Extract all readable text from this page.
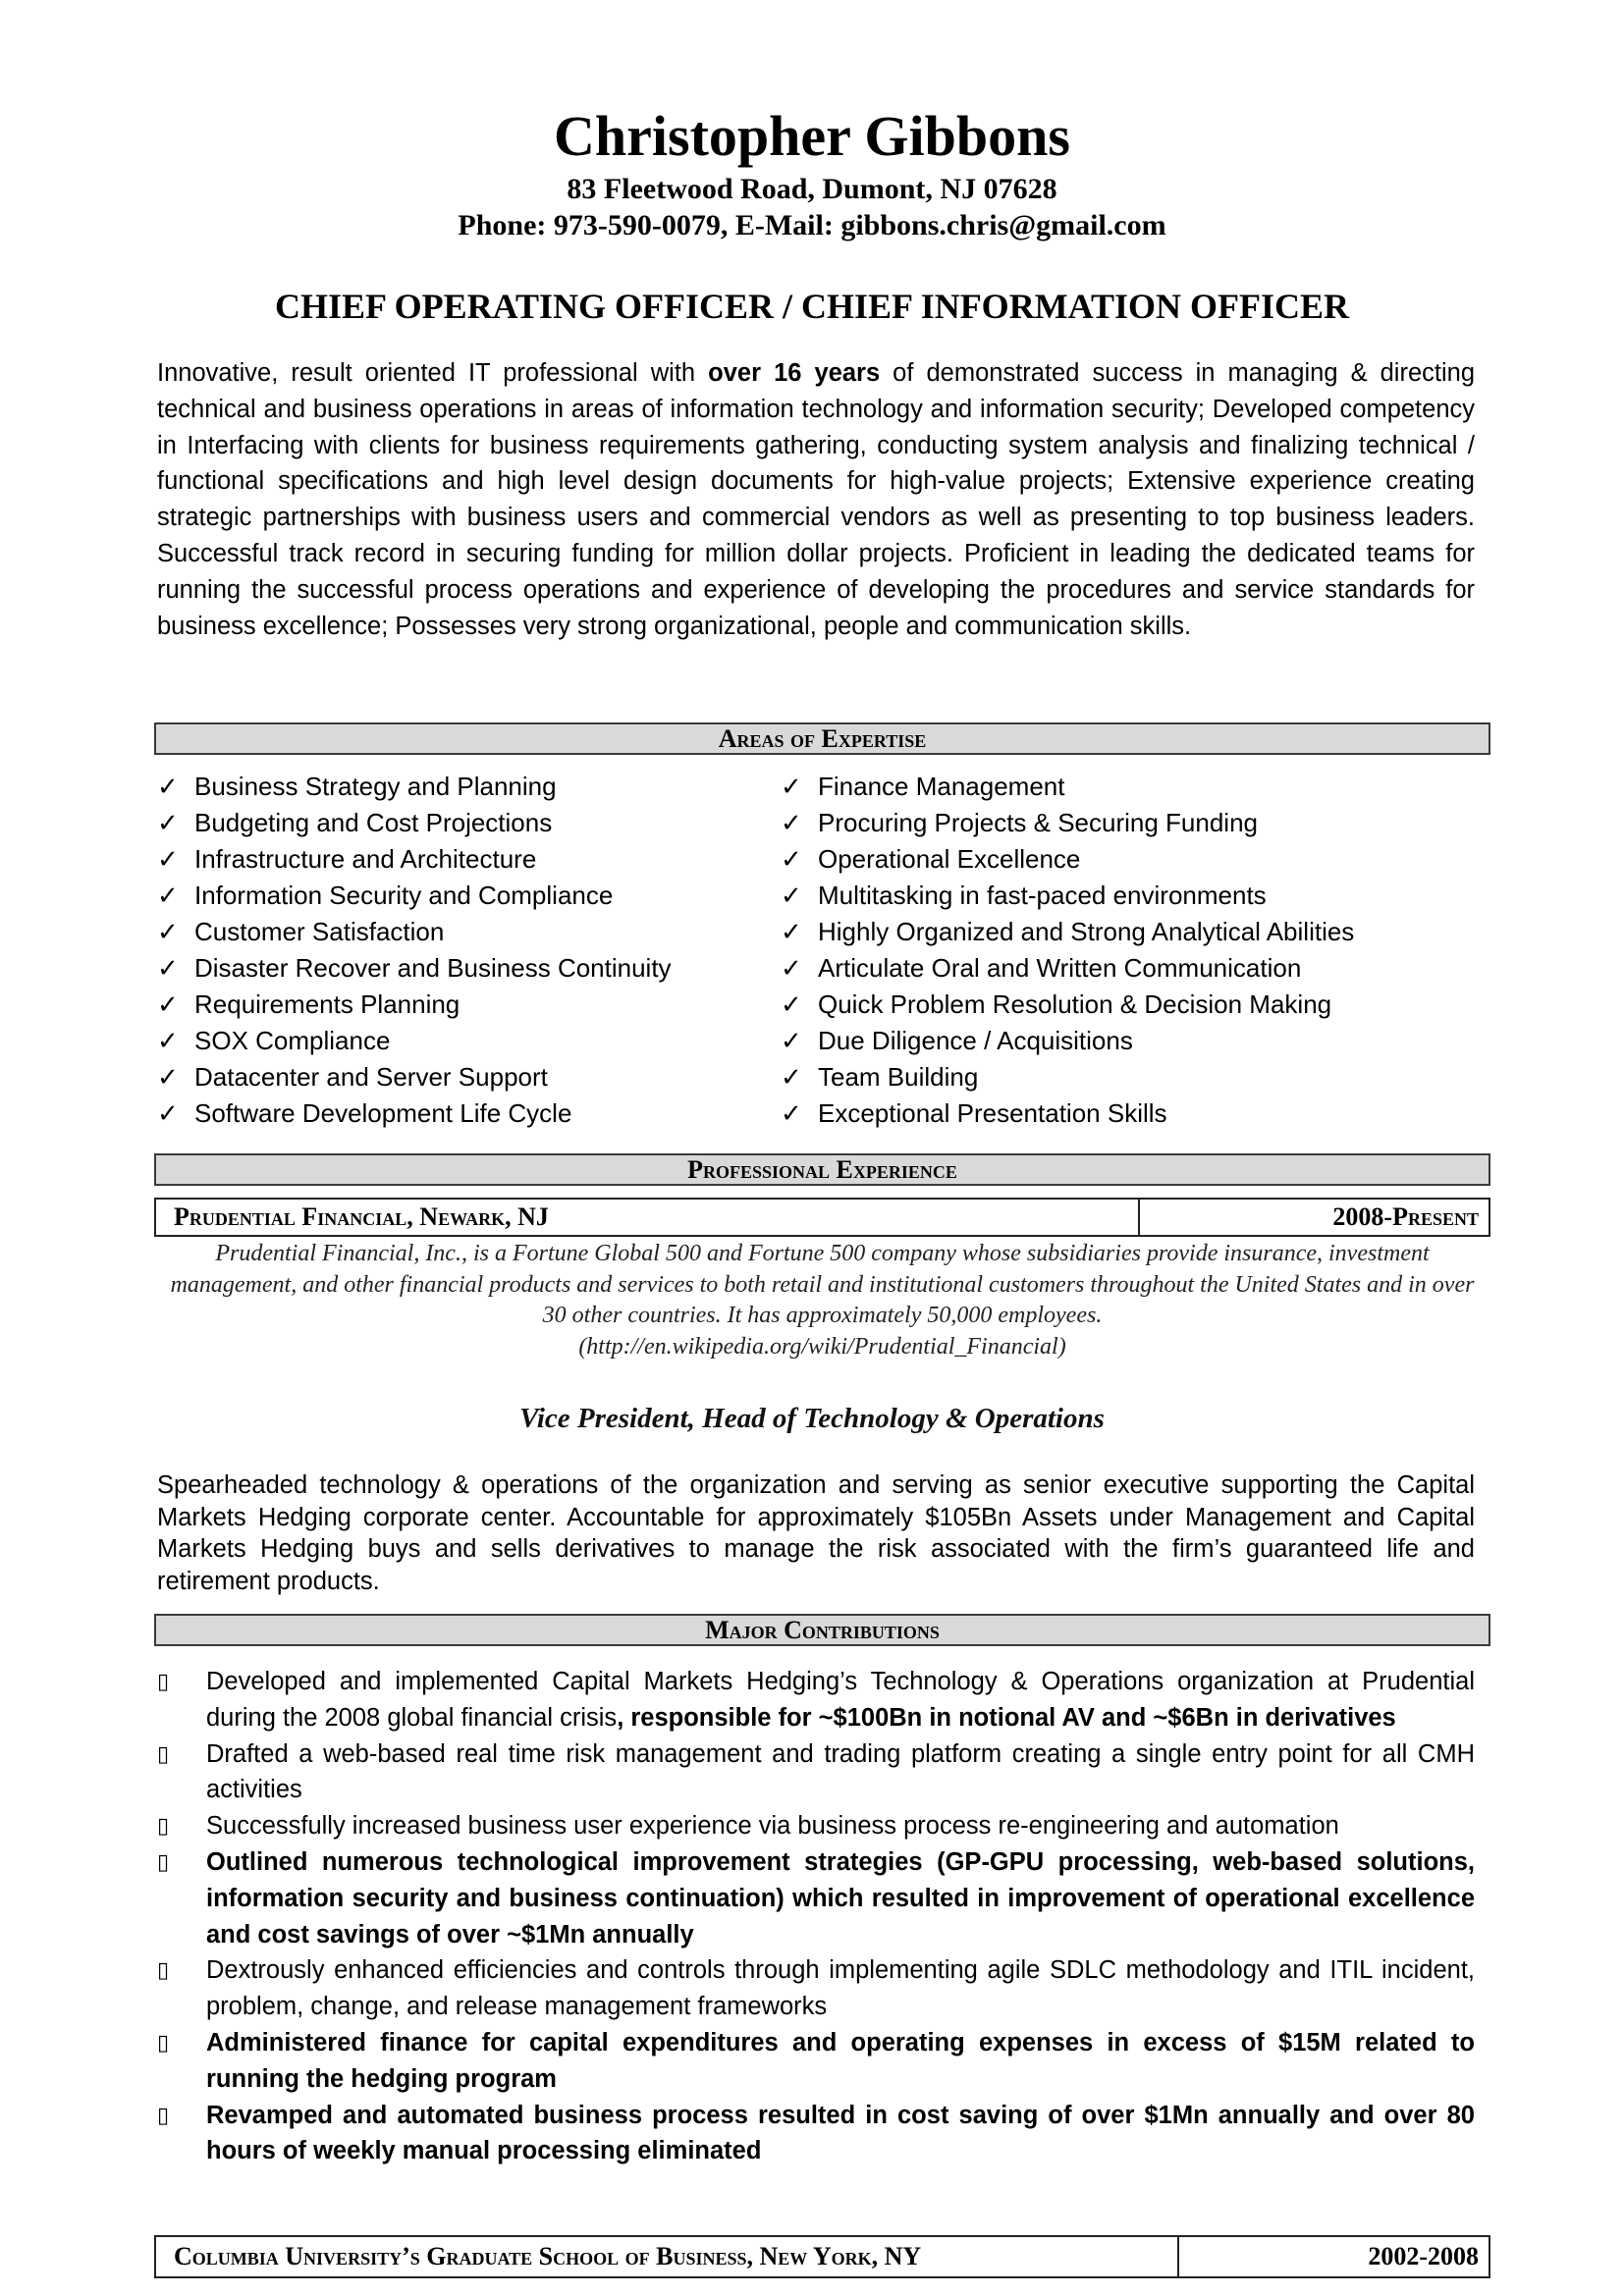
Christopher Gibbons
83 Fleetwood Road, Dumont, NJ 07628
Phone: 973-590-0079, E-Mail: gibbons.chris@gmail.com
CHIEF OPERATING OFFICER / CHIEF INFORMATION OFFICER
Innovative, result oriented IT professional with over 16 years of demonstrated success in managing & directing technical and business operations in areas of information technology and information security; Developed competency in Interfacing with clients for business requirements gathering, conducting system analysis and finalizing technical / functional specifications and high level design documents for high-value projects; Extensive experience creating strategic partnerships with business users and commercial vendors as well as presenting to top business leaders. Successful track record in securing funding for million dollar projects. Proficient in leading the dedicated teams for running the successful process operations and experience of developing the procedures and service standards for business excellence; Possesses very strong organizational, people and communication skills.
Areas of Expertise
✓ Business Strategy and Planning
✓ Budgeting and Cost Projections
✓ Infrastructure and Architecture
✓ Information Security and Compliance
✓ Customer Satisfaction
✓ Disaster Recover and Business Continuity
✓ Requirements Planning
✓ SOX Compliance
✓ Datacenter and Server Support
✓ Software Development Life Cycle
✓ Finance Management
✓ Procuring Projects & Securing Funding
✓ Operational Excellence
✓ Multitasking in fast-paced environments
✓ Highly Organized and Strong Analytical Abilities
✓ Articulate Oral and Written Communication
✓ Quick Problem Resolution & Decision Making
✓ Due Diligence / Acquisitions
✓ Team Building
✓ Exceptional Presentation Skills
Professional Experience
Prudential Financial, Newark, NJ	2008-Present
Prudential Financial, Inc., is a Fortune Global 500 and Fortune 500 company whose subsidiaries provide insurance, investment management, and other financial products and services to both retail and institutional customers throughout the United States and in over 30 other countries. It has approximately 50,000 employees.
(http://en.wikipedia.org/wiki/Prudential_Financial)
Vice President, Head of Technology & Operations
Spearheaded technology & operations of the organization and serving as senior executive supporting the Capital Markets Hedging corporate center. Accountable for approximately $105Bn Assets under Management and Capital Markets Hedging buys and sells derivatives to manage the risk associated with the firm’s guaranteed life and retirement products.
Major Contributions
▯	Developed and implemented Capital Markets Hedging’s Technology & Operations organization at Prudential during the 2008 global financial crisis, responsible for ~$100Bn in notional AV and ~$6Bn in derivatives
▯	Drafted a web-based real time risk management and trading platform creating a single entry point for all CMH activities
▯	Successfully increased business user experience via business process re-engineering and automation
▯	Outlined numerous technological improvement strategies (GP-GPU processing, web-based solutions, information security and business continuation) which resulted in improvement of operational excellence and cost savings of over ~$1Mn annually
▯	Dextrously enhanced efficiencies and controls through implementing agile SDLC methodology and ITIL incident, problem, change, and release management frameworks
▯	Administered finance for capital expenditures and operating expenses in excess of $15M related to running the hedging program
▯	Revamped and automated business process resulted in cost saving of over $1Mn annually and over 80 hours of weekly manual processing eliminated
Columbia University’s Graduate School of Business, New York, NY	2002-2008
